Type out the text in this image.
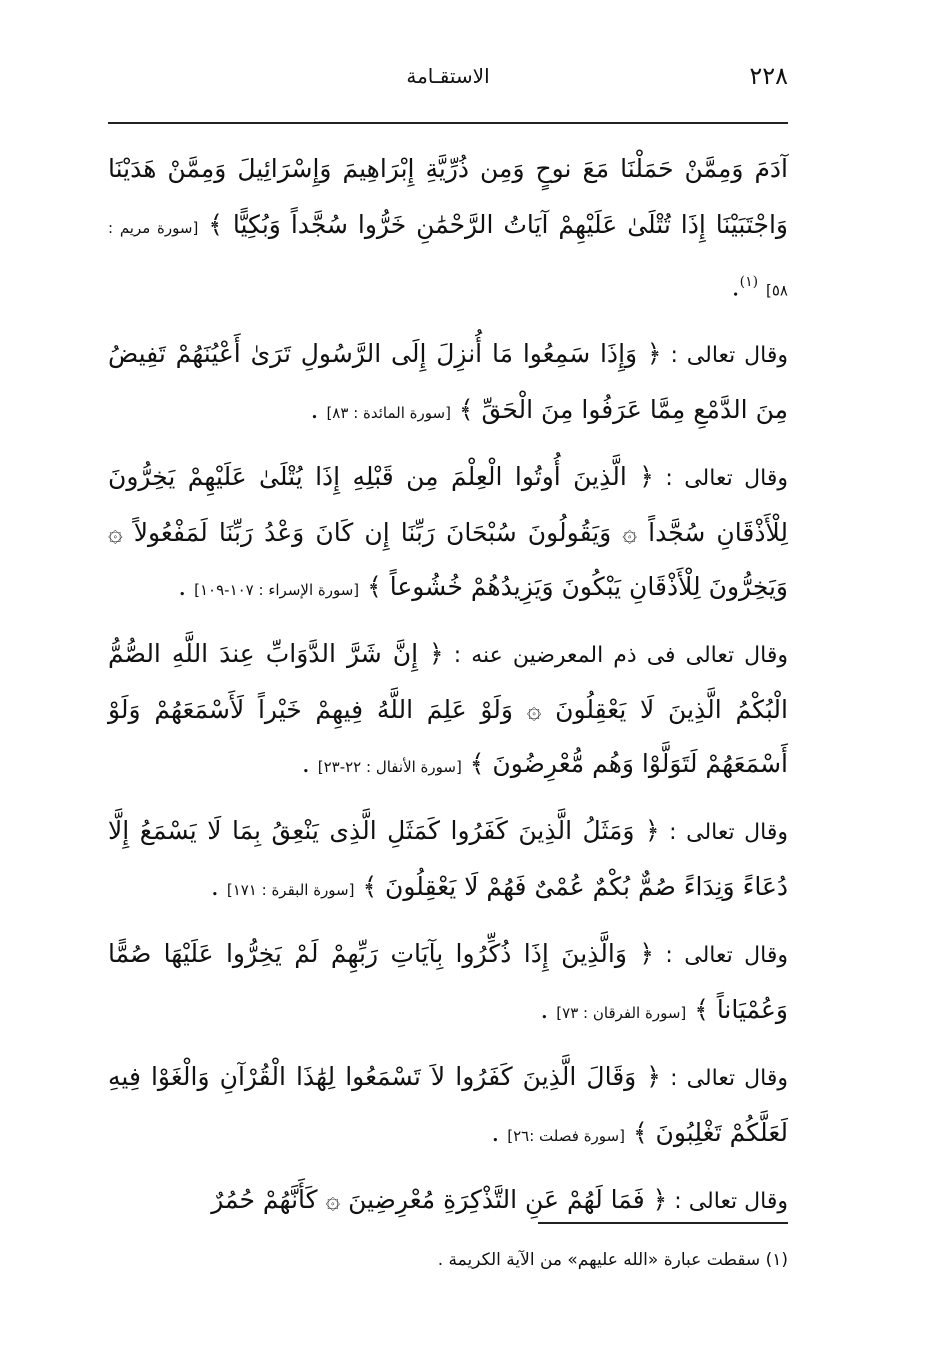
٢٢٨
الاستقـامة

آدَمَ وَمِمَّنْ حَمَلْنَا مَعَ نوحٍ وَمِن ذُرِّيَّةِ إِبْرَاهِيمَ وَإِسْرَائِيلَ وَمِمَّنْ هَدَيْنَا وَاجْتَبَيْنَا إِذَا تُتْلَىٰ عَلَيْهِمْ آيَاتُ الرَّحْمَٰنِ خَرُّوا سُجَّداً وَبُكِيًّا ﴾ [سورة مريم : ٥٨] $^{(١)}$.

وقال تعالى : ﴿ وَإِذَا سَمِعُوا مَا أُنزِلَ إِلَى الرَّسُولِ تَرَىٰ أَعْيُنَهُمْ تَفِيضُ مِنَ الدَّمْعِ مِمَّا عَرَفُوا مِنَ الْحَقِّ ﴾ [سورة المائدة : ٨٣] .

وقال تعالى : ﴿ الَّذِينَ أُوتُوا الْعِلْمَ مِن قَبْلِهِ إِذَا يُتْلَىٰ عَلَيْهِمْ يَخِرُّونَ لِلْأَذْقَانِ سُجَّداً ۞ وَيَقُولُونَ سُبْحَانَ رَبِّنَا إِن كَانَ وَعْدُ رَبِّنَا لَمَفْعُولاً ۞ وَيَخِرُّونَ لِلْأَذْقَانِ يَبْكُونَ وَيَزِيدُهُمْ خُشُوعاً ﴾ [سورة الإسراء : ١٠٧-١٠٩] .

وقال تعالى فى ذم المعرضين عنه : ﴿ إِنَّ شَرَّ الدَّوَابِّ عِندَ اللَّهِ الصُّمُّ الْبُكْمُ الَّذِينَ لَا يَعْقِلُونَ ۞ وَلَوْ عَلِمَ اللَّهُ فِيهِمْ خَيْراً لَأَسْمَعَهُمْ وَلَوْ أَسْمَعَهُمْ لَتَوَلَّوْا وَهُم مُّعْرِضُونَ ﴾ [سورة الأنفال : ٢٢-٢٣] .

وقال تعالى : ﴿ وَمَثَلُ الَّذِينَ كَفَرُوا كَمَثَلِ الَّذِى يَنْعِقُ بِمَا لَا يَسْمَعُ إِلَّا دُعَاءً وَنِدَاءً صُمٌّ بُكْمٌ عُمْىٌ فَهُمْ لَا يَعْقِلُونَ ﴾ [سورة البقرة : ١٧١] .

وقال تعالى : ﴿ وَالَّذِينَ إِذَا ذُكِّرُوا بِآيَاتِ رَبِّهِمْ لَمْ يَخِرُّوا عَلَيْهَا صُمًّا وَعُمْيَاناً ﴾ [سورة الفرقان : ٧٣] .

وقال تعالى : ﴿ وَقَالَ الَّذِينَ كَفَرُوا لاَ تَسْمَعُوا لِهَٰذَا الْقُرْآنِ وَالْغَوْا فِيهِ لَعَلَّكُمْ تَغْلِبُونَ ﴾ [سورة فصلت :٢٦] .

وقال تعالى : ﴿ فَمَا لَهُمْ عَنِ التَّذْكِرَةِ مُعْرِضِينَ ۞ كَأَنَّهُمْ حُمُرٌ

(١) سقطت عبارة «الله عليهم» من الآية الكريمة .
